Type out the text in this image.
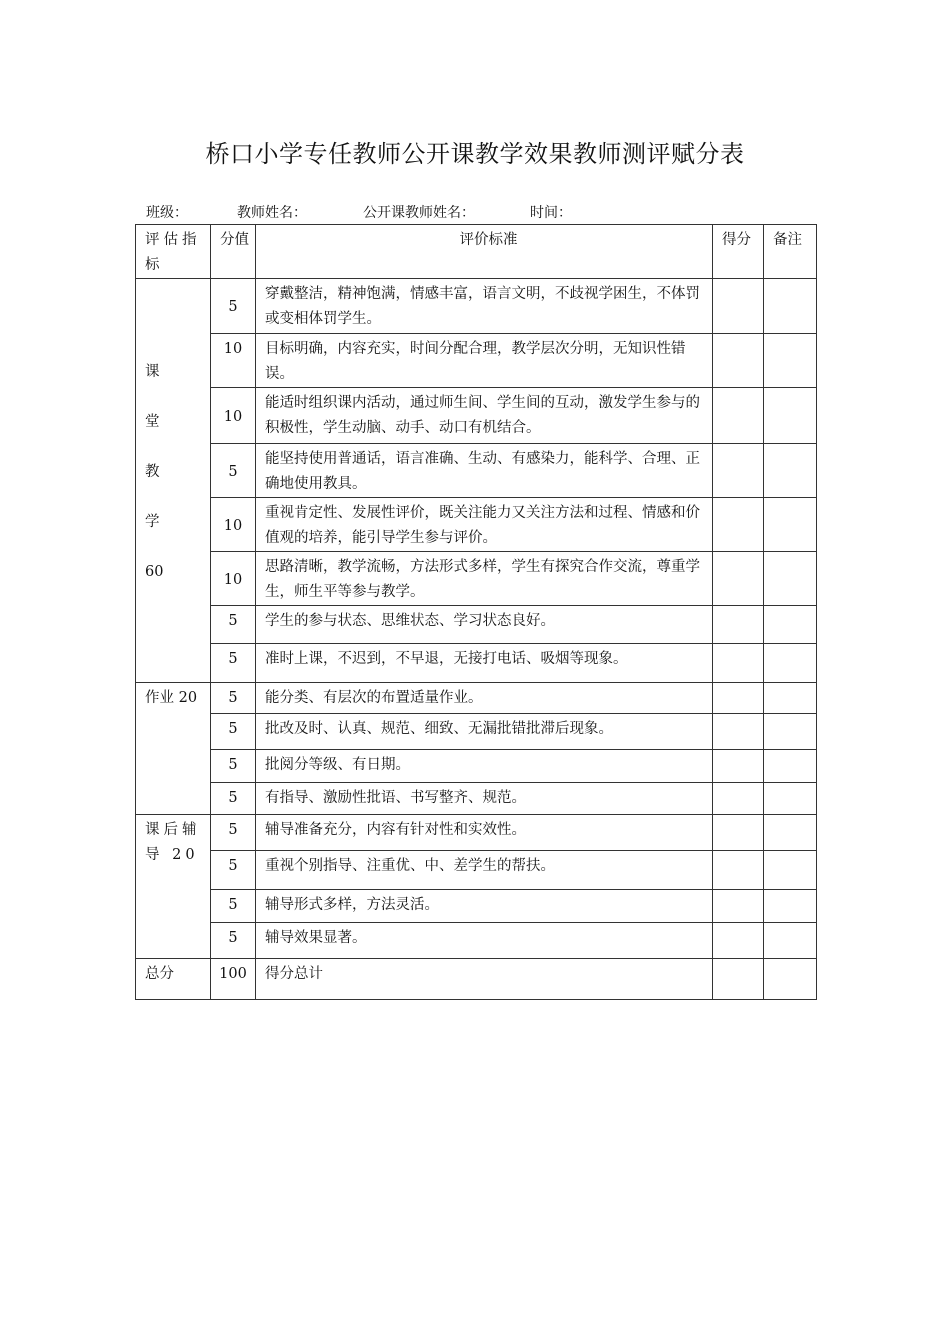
桥口小学专任教师公开课教学效果教师测评赋分表
班级：	教师姓名：	公开课教师姓名：	时间：
评估指标	分值	评价标准	得分	备注

课
堂
教
学
60	5	穿戴整洁，精神饱满，情感丰富，语言文明，不歧视学困生，不体罚或变相体罚学生。		
	10	目标明确，内容充实，时间分配合理，教学层次分明，无知识性错误。		
	10	能适时组织课内活动，通过师生间、学生间的互动，激发学生参与的积极性，学生动脑、动手、动口有机结合。		
	5	能坚持使用普通话，语言准确、生动、有感染力，能科学、合理、正确地使用教具。		
	10	重视肯定性、发展性评价，既关注能力又关注方法和过程、情感和价值观的培养，能引导学生参与评价。		
	10	思路清晰，教学流畅，方法形式多样，学生有探究合作交流，尊重学生，师生平等参与教学。		
	5	学生的参与状态、思维状态、学习状态良好。		
	5	准时上课，不迟到，不早退，无接打电话、吸烟等现象。		
作业 20	5	能分类、有层次的布置适量作业。		
	5	批改及时、认真、规范、细致、无漏批错批滞后现象。		
	5	批阅分等级、有日期。		
	5	有指导、激励性批语、书写整齐、规范。		
课后辅导 20	5	辅导准备充分，内容有针对性和实效性。		
	5	重视个别指导、注重优、中、差学生的帮扶。		
	5	辅导形式多样，方法灵活。		
	5	辅导效果显著。		
总分	100	得分总计		
